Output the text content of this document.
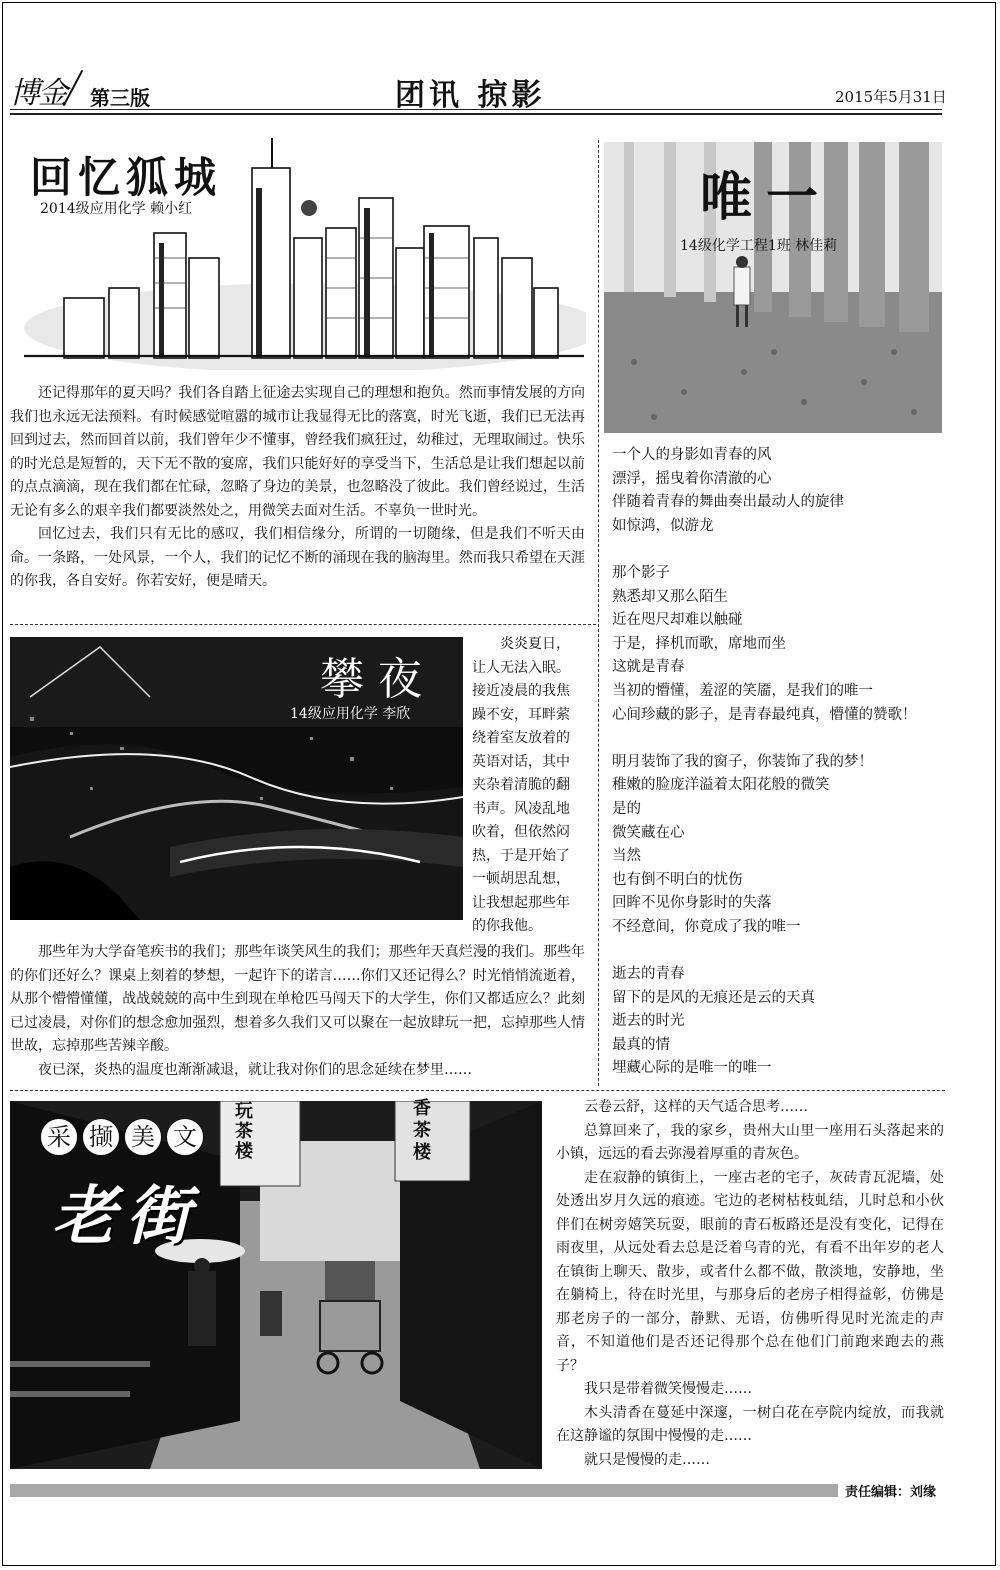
博金 第三版	团讯 掠影	2015年5月31日
回忆狐城
2014级应用化学 赖小红

还记得那年的夏天吗？我们各自踏上征途去实现自己的理想和抱负。然而事情发展的方向我们也永远无法预料。有时候感觉喧嚣的城市让我显得无比的落寞，时光飞逝，我们已无法再回到过去，然而回首以前，我们曾年少不懂事，曾经我们疯狂过，幼稚过，无理取闹过。快乐的时光总是短暂的，天下无不散的宴席，我们只能好好的享受当下，生活总是让我们想起以前的点点滴滴，现在我们都在忙碌，忽略了身边的美景，也忽略没了彼此。我们曾经说过，生活无论有多么的艰辛我们都要淡然处之，用微笑去面对生活。不辜负一世时光。

回忆过去，我们只有无比的感叹，我们相信缘分，所谓的一切随缘，但是我们不听天由命。一条路，一处风景，一个人，我们的记忆不断的涌现在我的脑海里。然而我只希望在天涯的你我，各自安好。你若安好，便是晴天。

攀夜
14级应用化学 李欣
炎炎夏日，
让人无法入眠。
接近凌晨的我焦
躁不安，耳畔萦
绕着室友放着的
英语对话，其中
夹杂着清脆的翻
书声。风凌乱地
吹着，但依然闷
热，于是开始了
一顿胡思乱想，
让我想起那些年
的你我他。

那些年为大学奋笔疾书的我们；那些年谈笑风生的我们；那些年天真烂漫的我们。那些年的你们还好么？课桌上刻着的梦想，一起许下的诺言……你们又还记得么？时光悄悄流逝着，从那个懵懵懂懂，战战兢兢的高中生到现在单枪匹马闯天下的大学生，你们又都适应么？此刻已过凌晨，对你们的想念愈加强烈，想着多久我们又可以聚在一起放肆玩一把，忘掉那些人情世故，忘掉那些苦辣辛酸。

夜已深，炎热的温度也渐渐减退，就让我对你们的思念延续在梦里……

唯一
14级化学工程1班 林佳莉
一个人的身影如青春的风
漂浮，摇曳着你清澈的心
伴随着青春的舞曲奏出最动人的旋律
如惊鸿，似游龙
那个影子
熟悉却又那么陌生
近在咫尺却难以触碰
于是，择机而歌，席地而坐
这就是青春
当初的懵懂，羞涩的笑靥，是我们的唯一
心间珍藏的影子，是青春最纯真，懵懂的赞歌！
明月装饰了我的窗子，你装饰了我的梦！
稚嫩的脸庞洋溢着太阳花般的微笑
是的
微笑藏在心
当然
也有倒不明白的忧伤
回眸不见你身影时的失落
不经意间，你竟成了我的唯一
逝去的青春
留下的是风的无痕还是云的天真
逝去的时光
最真的情
埋藏心际的是唯一的唯一
玩
茶
楼
香
茶
楼
采 撷 美 文
老街

云卷云舒，这样的天气适合思考……

总算回来了，我的家乡，贵州大山里一座用石头落起来的小镇，远远的看去弥漫着厚重的青灰色。

走在寂静的镇街上，一座古老的宅子，灰砖青瓦泥墙，处处透出岁月久远的痕迹。宅边的老树枯枝虬结，儿时总和小伙伴们在树旁嬉笑玩耍，眼前的青石板路还是没有变化，记得在雨夜里，从远处看去总是泛着乌青的光，有看不出年岁的老人在镇街上聊天、散步，或者什么都不做，散淡地，安静地，坐在躺椅上，待在时光里，与那身后的老房子相得益彰，仿佛是那老房子的一部分，静默、无语，仿佛听得见时光流走的声音，不知道他们是否还记得那个总在他们门前跑来跑去的燕子？

我只是带着微笑慢慢走……

木头清香在蔓延中深邃，一树白花在亭院内绽放，而我就在这静谧的氛围中慢慢的走……

就只是慢慢的走……

责任编辑：刘缘
